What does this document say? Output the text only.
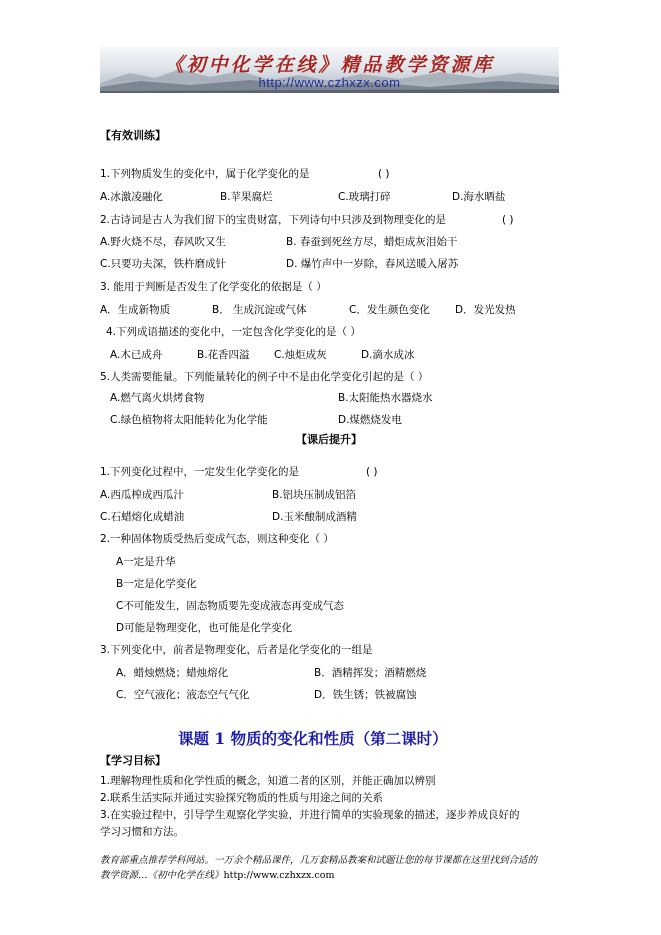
《初中化学在线》精品教学资源库
http://www.czhxzx.com
【有效训练】
1.下列物质发生的变化中，属于化学变化的是	( )
A.冰激凌融化	B.苹果腐烂	C.玻璃打碎	D.海水晒盐
2.古诗词是古人为我们留下的宝贵财富，下列诗句中只涉及到物理变化的是	( )
A.野火烧不尽，春风吹又生	B. 春蚕到死丝方尽，蜡炬成灰泪始干
C.只要功夫深，铁杵磨成针	D. 爆竹声中一岁除，春风送暖入屠苏
3. 能用于判断是否发生了化学变化的依据是（ ）
A．生成新物质	B． 生成沉淀或气体	C．发生颜色变化 D．发光发热
4.下列成语描述的变化中，一定包含化学变化的是（ ）
A.木已成舟	B.花香四溢 C.烛炬成灰	D.滴水成冰
5.人类需要能量。下列能量转化的例子中不是由化学变化引起的是（ ）
A.燃气离火烘烤食物	B.太阳能热水器烧水
C.绿色植物将太阳能转化为化学能	D.煤燃烧发电
【课后提升】
1.下列变化过程中，一定发生化学变化的是	( )
A.西瓜榨成西瓜汁	B.铝块压制成铝箔
C.石蜡熔化成蜡油	D.玉米酿制成酒精
2.一种固体物质受热后变成气态，则这种变化（ ）
A一定是升华
B一定是化学变化
C不可能发生，固态物质要先变成液态再变成气态
D可能是物理变化，也可能是化学变化
3.下列变化中，前者是物理变化，后者是化学变化的一组是
A．蜡烛燃烧；蜡烛熔化	B．酒精挥发；酒精燃烧
C．空气液化；液态空气气化	D．铁生锈；铁被腐蚀
课题 1 物质的变化和性质（第二课时）
【学习目标】
1.理解物理性质和化学性质的概念，知道二者的区别，并能正确加以辨别
2.联系生活实际并通过实验探究物质的性质与用途之间的关系
3.在实验过程中，引导学生观察化学实验，并进行简单的实验现象的描述，逐步养成良好的
学习习惯和方法。
教育部重点推荐学科网站。一万余个精品课件，几万套精品教案和试题让您的每节课都在这里找到合适的
教学资源…《初中化学在线》http://www.czhxzx.com
